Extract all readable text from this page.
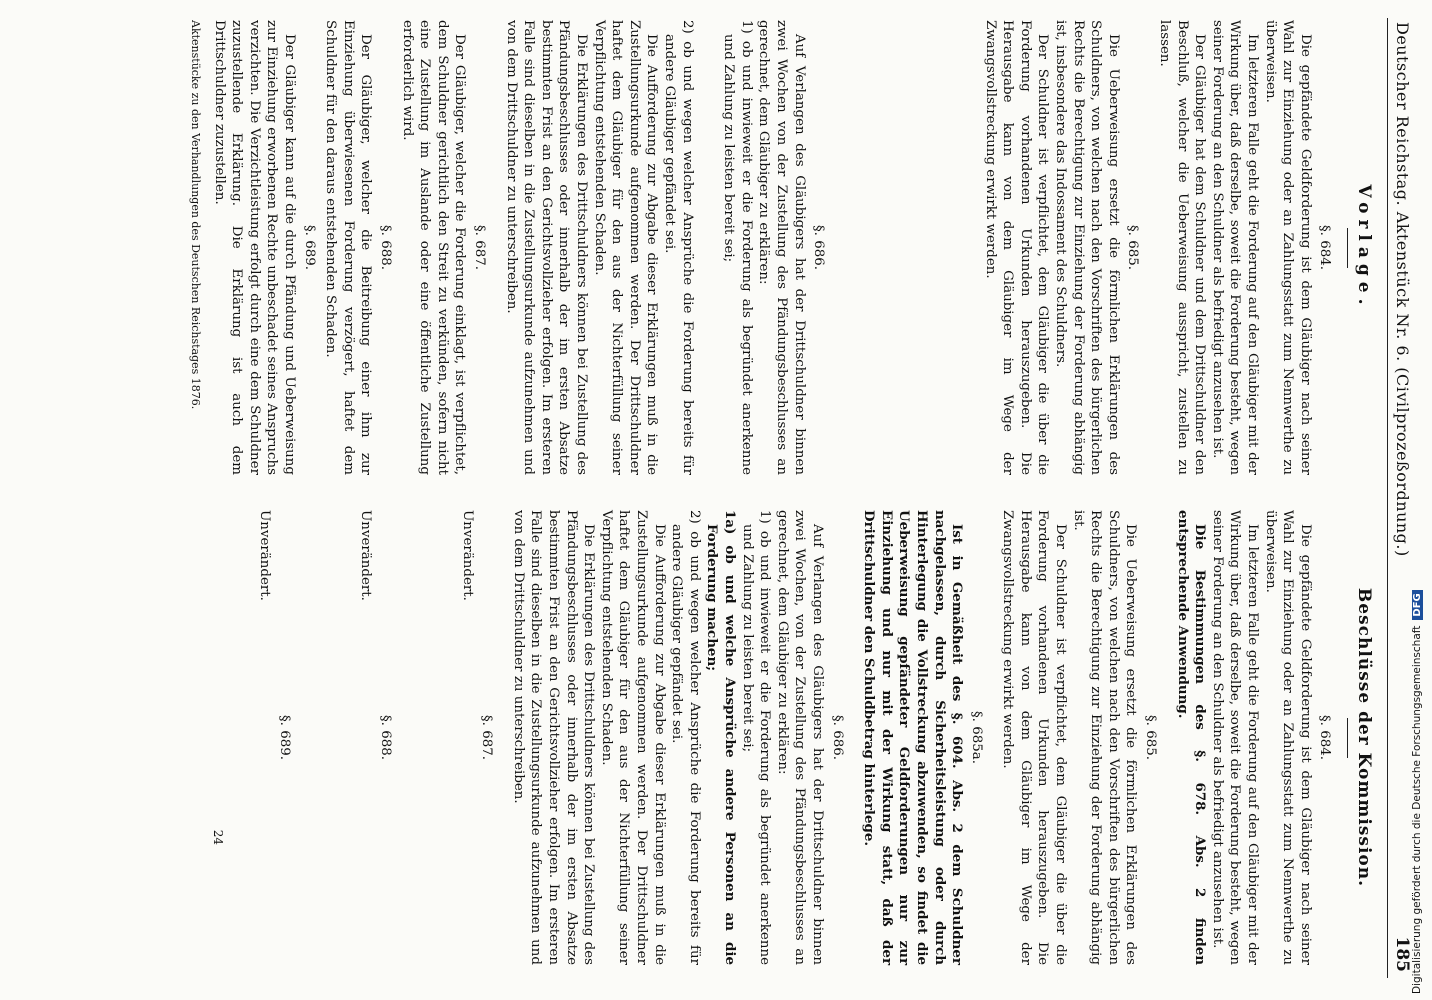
Deutscher Reichstag. Aktenstück Nr. 6. (Civilprozeßordnung.)
185
Vorlage.
§. 684.

Die gepfändete Geldforderung ist dem Gläubiger nach seiner Wahl zur Einziehung oder an Zahlungsstatt zum Nennwerthe zu überweisen.

Im letzteren Falle geht die Forderung auf den Gläubiger mit der Wirkung über, daß derselbe, soweit die Forderung besteht, wegen seiner Forderung an den Schuldner als befriedigt anzusehen ist.

Der Gläubiger hat dem Schuldner und dem Drittschuldner den Beschluß, welcher die Ueberweisung ausspricht, zustellen zu lassen.

§. 685.

Die Ueberweisung ersetzt die förmlichen Erklärungen des Schuldners, von welchen nach den Vorschriften des bürgerlichen Rechts die Berechtigung zur Einziehung der Forderung abhängig ist, insbesondere das Indossament des Schuldners.

Der Schuldner ist verpflichtet, dem Gläubiger die über die Forderung vorhandenen Urkunden herauszugeben. Die Herausgabe kann von dem Gläubiger im Wege der Zwangsvollstreckung erwirkt werden.

§. 686.

Auf Verlangen des Gläubigers hat der Drittschuldner binnen zwei Wochen von der Zustellung des Pfändungsbeschlusses an gerechnet, dem Gläubiger zu erklären:

1) ob und inwieweit er die Forderung als begründet anerkenne und Zahlung zu leisten bereit sei;

2) ob und wegen welcher Ansprüche die Forderung bereits für andere Gläubiger gepfändet sei.

Die Aufforderung zur Abgabe dieser Erklärungen muß in die Zustellungsurkunde aufgenommen werden. Der Drittschuldner haftet dem Gläubiger für den aus der Nichterfüllung seiner Verpflichtung entstehenden Schaden.

Die Erklärungen des Drittschuldners können bei Zustellung des Pfändungsbeschlusses oder innerhalb der im ersten Absatze bestimmten Frist an den Gerichtsvollzieher erfolgen. Im ersteren Falle sind dieselben in die Zustellungsurkunde aufzunehmen und von dem Drittschuldner zu unterschreiben.

§. 687.

Der Gläubiger, welcher die Forderung einklagt, ist verpflichtet, dem Schuldner gerichtlich den Streit zu verkünden, sofern nicht eine Zustellung im Auslande oder eine öffentliche Zustellung erforderlich wird.

§. 688.

Der Gläubiger, welcher die Beitreibung einer ihm zur Einziehung überwiesenen Forderung verzögert, haftet dem Schuldner für den daraus entstehenden Schaden.

§. 689.

Der Gläubiger kann auf die durch Pfändung und Ueberweisung zur Einziehung erworbenen Rechte unbeschadet seines Anspruchs verzichten. Die Verzichtleistung erfolgt durch eine dem Schuldner zuzustellende Erklärung. Die Erklärung ist auch dem Drittschuldner zuzustellen.

Aktenstücke zu den Verhandlungen des Deutschen Reichstages 1876.

Beschlüsse der Kommission.
§. 684.

Die gepfändete Geldforderung ist dem Gläubiger nach seiner Wahl zur Einziehung oder an Zahlungsstatt zum Nennwerthe zu überweisen.

Im letzteren Falle geht die Forderung auf den Gläubiger mit der Wirkung über, daß derselbe, soweit die Forderung besteht, wegen seiner Forderung an den Schuldner als befriedigt anzusehen ist.

Die Bestimmungen des §. 678. Abs. 2 finden entsprechende Anwendung.

§. 685.

Die Ueberweisung ersetzt die förmlichen Erklärungen des Schuldners, von welchen nach den Vorschriften des bürgerlichen Rechts die Berechtigung zur Einziehung der Forderung abhängig ist.

Der Schuldner ist verpflichtet, dem Gläubiger die über die Forderung vorhandenen Urkunden herauszugeben. Die Herausgabe kann von dem Gläubiger im Wege der Zwangsvollstreckung erwirkt werden.

§. 685a.

Ist in Gemäßheit des §. 604. Abs. 2 dem Schuldner nachgelassen, durch Sicherheitsleistung oder durch Hinterlegung die Vollstreckung abzuwenden, so findet die Ueberweisung gepfändeter Geldforderungen nur zur Einziehung und nur mit der Wirkung statt, daß der Drittschuldner den Schuldbetrag hinterlege.

§. 686.

Auf Verlangen des Gläubigers hat der Drittschuldner binnen zwei Wochen, von der Zustellung des Pfändungsbeschlusses an gerechnet, dem Gläubiger zu erklären:

1) ob und inwieweit er die Forderung als begründet anerkenne und Zahlung zu leisten bereit sei;

1a) ob und welche Ansprüche andere Personen an die Forderung machen;

2) ob und wegen welcher Ansprüche die Forderung bereits für andere Gläubiger gepfändet sei.

Die Aufforderung zur Abgabe dieser Erklärungen muß in die Zustellungsurkunde aufgenommen werden. Der Drittschuldner haftet dem Gläubiger für den aus der Nichterfüllung seiner Verpflichtung entstehenden Schaden.

Die Erklärungen des Drittschuldners können bei Zustellung des Pfändungsbeschlusses oder innerhalb der im ersten Absatze bestimmten Frist an den Gerichtsvollzieher erfolgen. Im ersteren Falle sind dieselben in die Zustellungsurkunde aufzunehmen und von dem Drittschuldner zu unterschreiben.

§. 687.

Unverändert.

§. 688.

Unverändert.

§. 689.

Unverändert.

24	Digitalisierung gefördert durch die Deutsche ForschungsgemeinschaftDFG
